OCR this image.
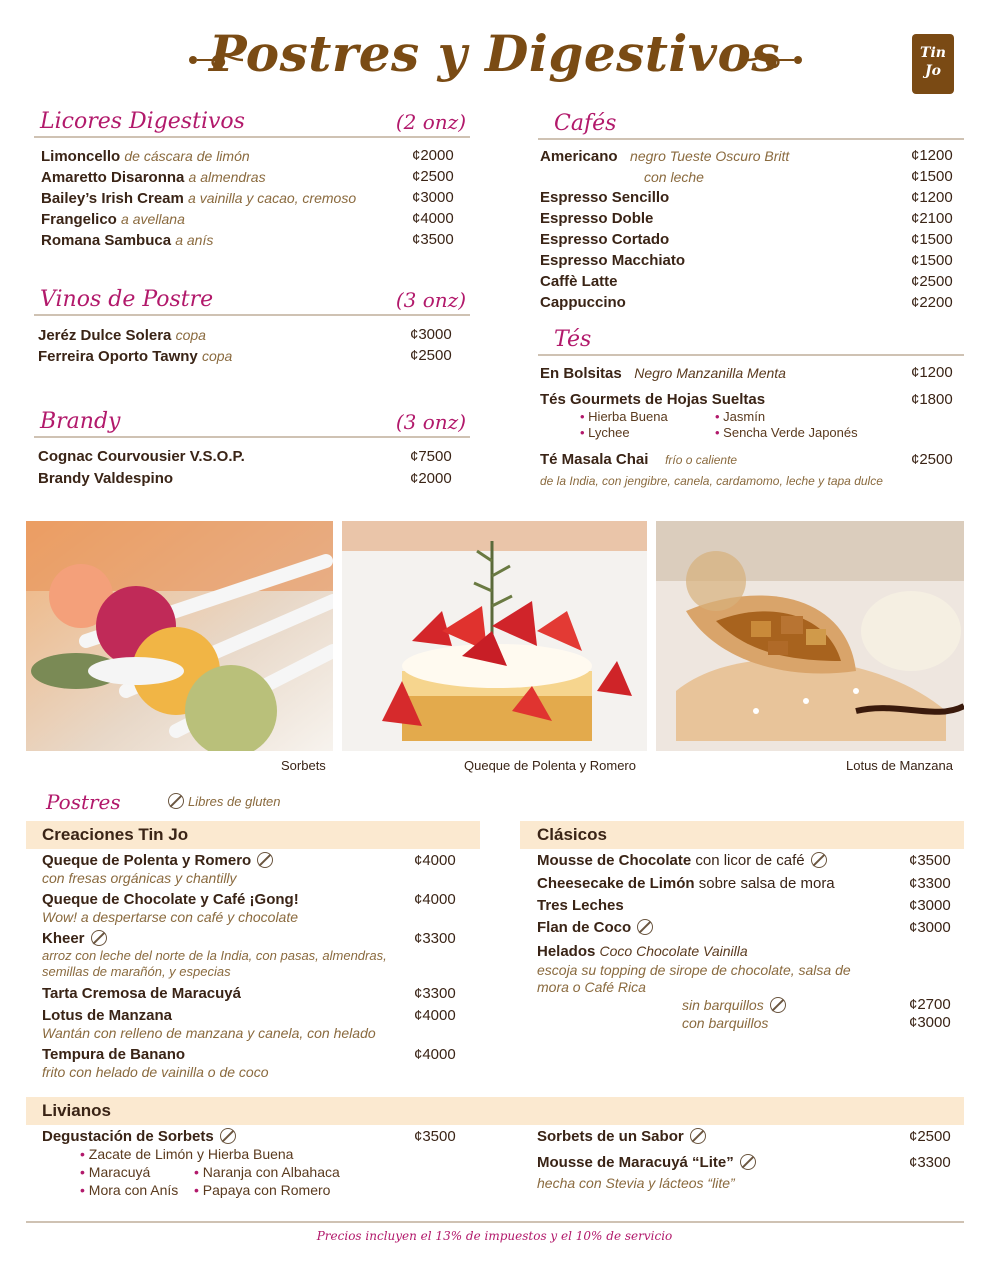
Postres y Digestivos	Tin
Jo
Licores Digestivos	(2 onz)
Limoncello de cáscara de limón	¢2000
Amaretto Disaronna a almendras	¢2500
Bailey’s Irish Cream a vainilla y cacao, cremoso	¢3000
Frangelico a avellana	¢4000
Romana Sambuca a anís	¢3500
Vinos de Postre	(3 onz)
Jeréz Dulce Solera copa	¢3000
Ferreira Oporto Tawny copa	¢2500
Brandy	(3 onz)
Cognac Courvousier V.S.O.P.	¢7500
Brandy Valdespino	¢2000
Cafés
Americano negro Tueste Oscuro Britt	¢1200
con leche	¢1500
Espresso Sencillo	¢1200
Espresso Doble	¢2100
Espresso Cortado	¢1500
Espresso Macchiato	¢1500
Caffè Latte	¢2500
Cappuccino	¢2200
Tés
En Bolsitas Negro Manzanilla Menta	¢1200
Tés Gourmets de Hojas Sueltas	¢1800
• Hierba Buena	• Jasmín
• Lychee	• Sencha Verde Japonés
Té Masala Chai frío o caliente	¢2500
de la India, con jengibre, canela, cardamomo, leche y tapa dulce
Sorbets	Queque de Polenta y Romero	Lotus de Manzana
Postres	Libres de gluten
Creaciones Tin Jo
Queque de Polenta y Romero	¢4000
con fresas orgánicas y chantilly
Queque de Chocolate y Café ¡Gong!	¢4000
Wow! a despertarse con café y chocolate
Kheer	¢3300
arroz con leche del norte de la India, con pasas, almendras,
semillas de marañón, y especias
Tarta Cremosa de Maracuyá	¢3300
Lotus de Manzana	¢4000
Wantán con relleno de manzana y canela, con helado
Tempura de Banano	¢4000
frito con helado de vainilla o de coco
Clásicos
Mousse de Chocolate con licor de café	¢3500
Cheesecake de Limón sobre salsa de mora	¢3300
Tres Leches	¢3000
Flan de Coco	¢3000
Helados Coco Chocolate Vainilla
escoja su topping de sirope de chocolate, salsa de
mora o Café Rica
sin barquillos	¢2700
con barquillos	¢3000
Livianos
Degustación de Sorbets	¢3500
• Zacate de Limón y Hierba Buena
• Maracuyá	• Naranja con Albahaca
• Mora con Anís	• Papaya con Romero
Sorbets de un Sabor	¢2500
Mousse de Maracuyá “Lite”	¢3300
hecha con Stevia y lácteos “lite”
Precios incluyen el 13% de impuestos y el 10% de servicio
